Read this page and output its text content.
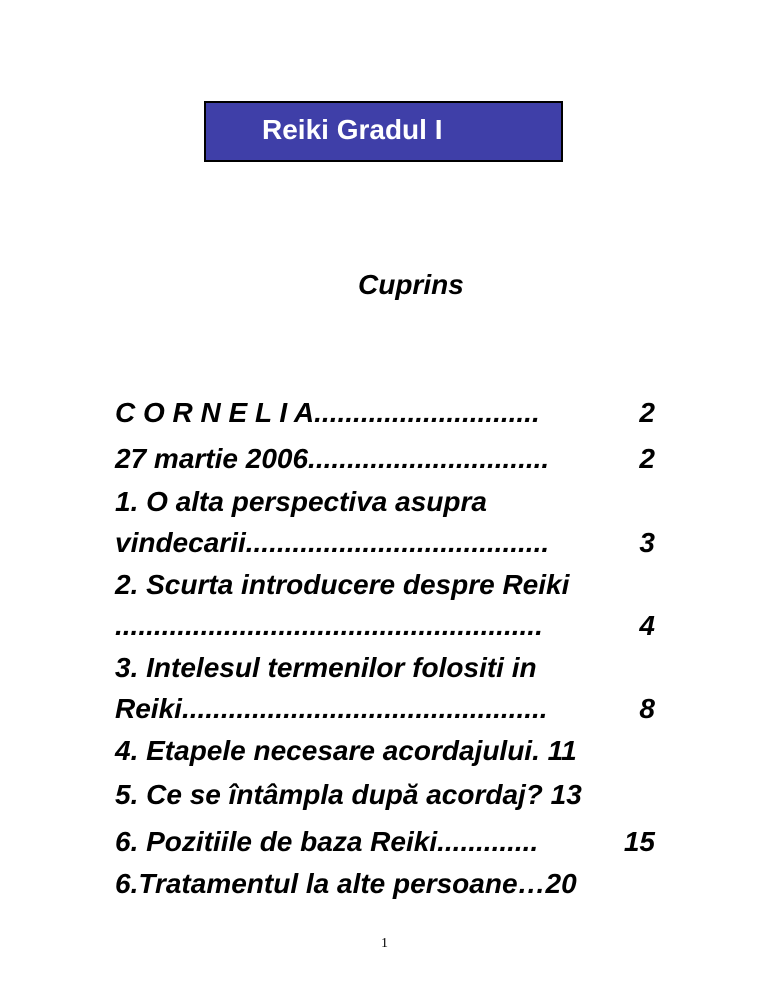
Reiki Gradul I
Cuprins
C O R N E L I A .............................	2
27 martie 2006 ...............................	2
1. O alta perspectiva asupra
vindecarii .......................................	3
2. Scurta introducere despre Reiki
.......................................................	4
3. Intelesul termenilor folositi in
Reiki ...............................................	8
4. Etapele necesare acordajului. 11
5. Ce se întâmpla după acordaj? 13
6. Pozitiile de baza Reiki .............	15
6.Tratamentul la alte persoane…20
1
